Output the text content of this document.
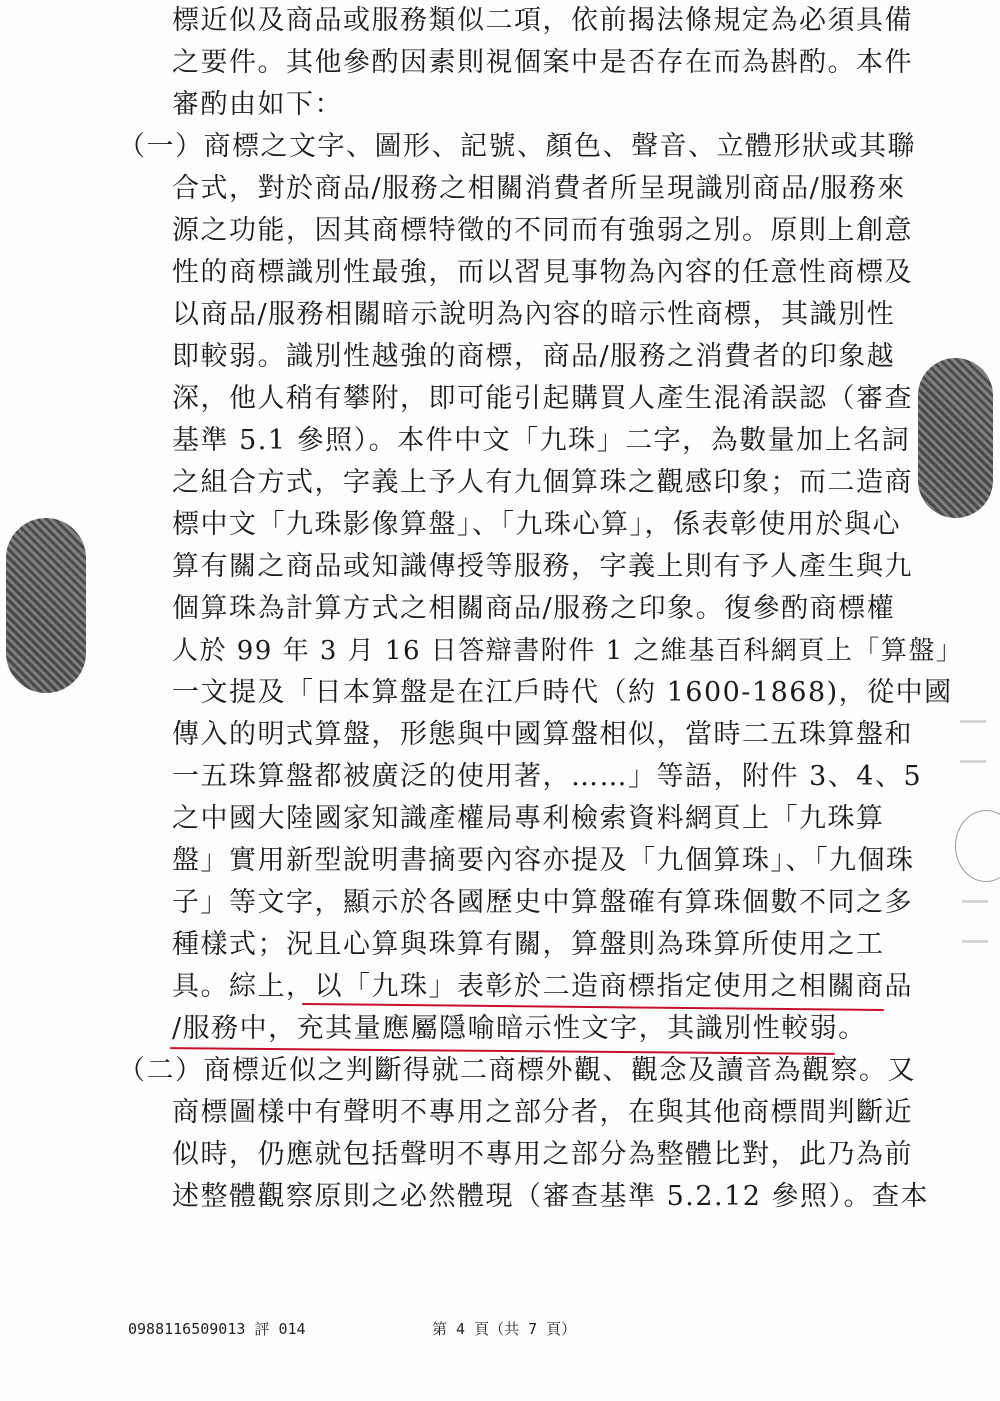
標近似及商品或服務類似二項，依前揭法條規定為必須具備
之要件。其他參酌因素則視個案中是否存在而為斟酌。本件
審酌由如下：
（一）商標之文字、圖形、記號、顏色、聲音、立體形狀或其聯
合式，對於商品/服務之相關消費者所呈現識別商品/服務來
源之功能，因其商標特徵的不同而有強弱之別。原則上創意
性的商標識別性最強，而以習見事物為內容的任意性商標及
以商品/服務相關暗示說明為內容的暗示性商標，其識別性
即較弱。識別性越強的商標，商品/服務之消費者的印象越
深，他人稍有攀附，即可能引起購買人產生混淆誤認（審查
基準 5.1 參照）。本件中文「九珠」二字，為數量加上名詞
之組合方式，字義上予人有九個算珠之觀感印象；而二造商
標中文「九珠影像算盤」、「九珠心算」，係表彰使用於與心
算有關之商品或知識傳授等服務，字義上則有予人產生與九
個算珠為計算方式之相關商品/服務之印象。復參酌商標權
人於 99 年 3 月 16 日答辯書附件 1 之維基百科網頁上「算盤」
一文提及「日本算盤是在江戶時代（約 1600-1868)，從中國
傳入的明式算盤，形態與中國算盤相似，當時二五珠算盤和
一五珠算盤都被廣泛的使用著，……」等語，附件 3、4、5
之中國大陸國家知識產權局專利檢索資料網頁上「九珠算
盤」實用新型說明書摘要內容亦提及「九個算珠」、「九個珠
子」等文字，顯示於各國歷史中算盤確有算珠個數不同之多
種樣式；況且心算與珠算有關，算盤則為珠算所使用之工
具。綜上，以「九珠」表彰於二造商標指定使用之相關商品
/服務中，充其量應屬隱喻暗示性文字，其識別性較弱。
（二）商標近似之判斷得就二商標外觀、觀念及讀音為觀察。又
商標圖樣中有聲明不專用之部分者，在與其他商標間判斷近
似時，仍應就包括聲明不專用之部分為整體比對，此乃為前
述整體觀察原則之必然體現（審查基準 5.2.12 參照）。查本
0988116509013 評 014	第 4 頁（共 7 頁）
